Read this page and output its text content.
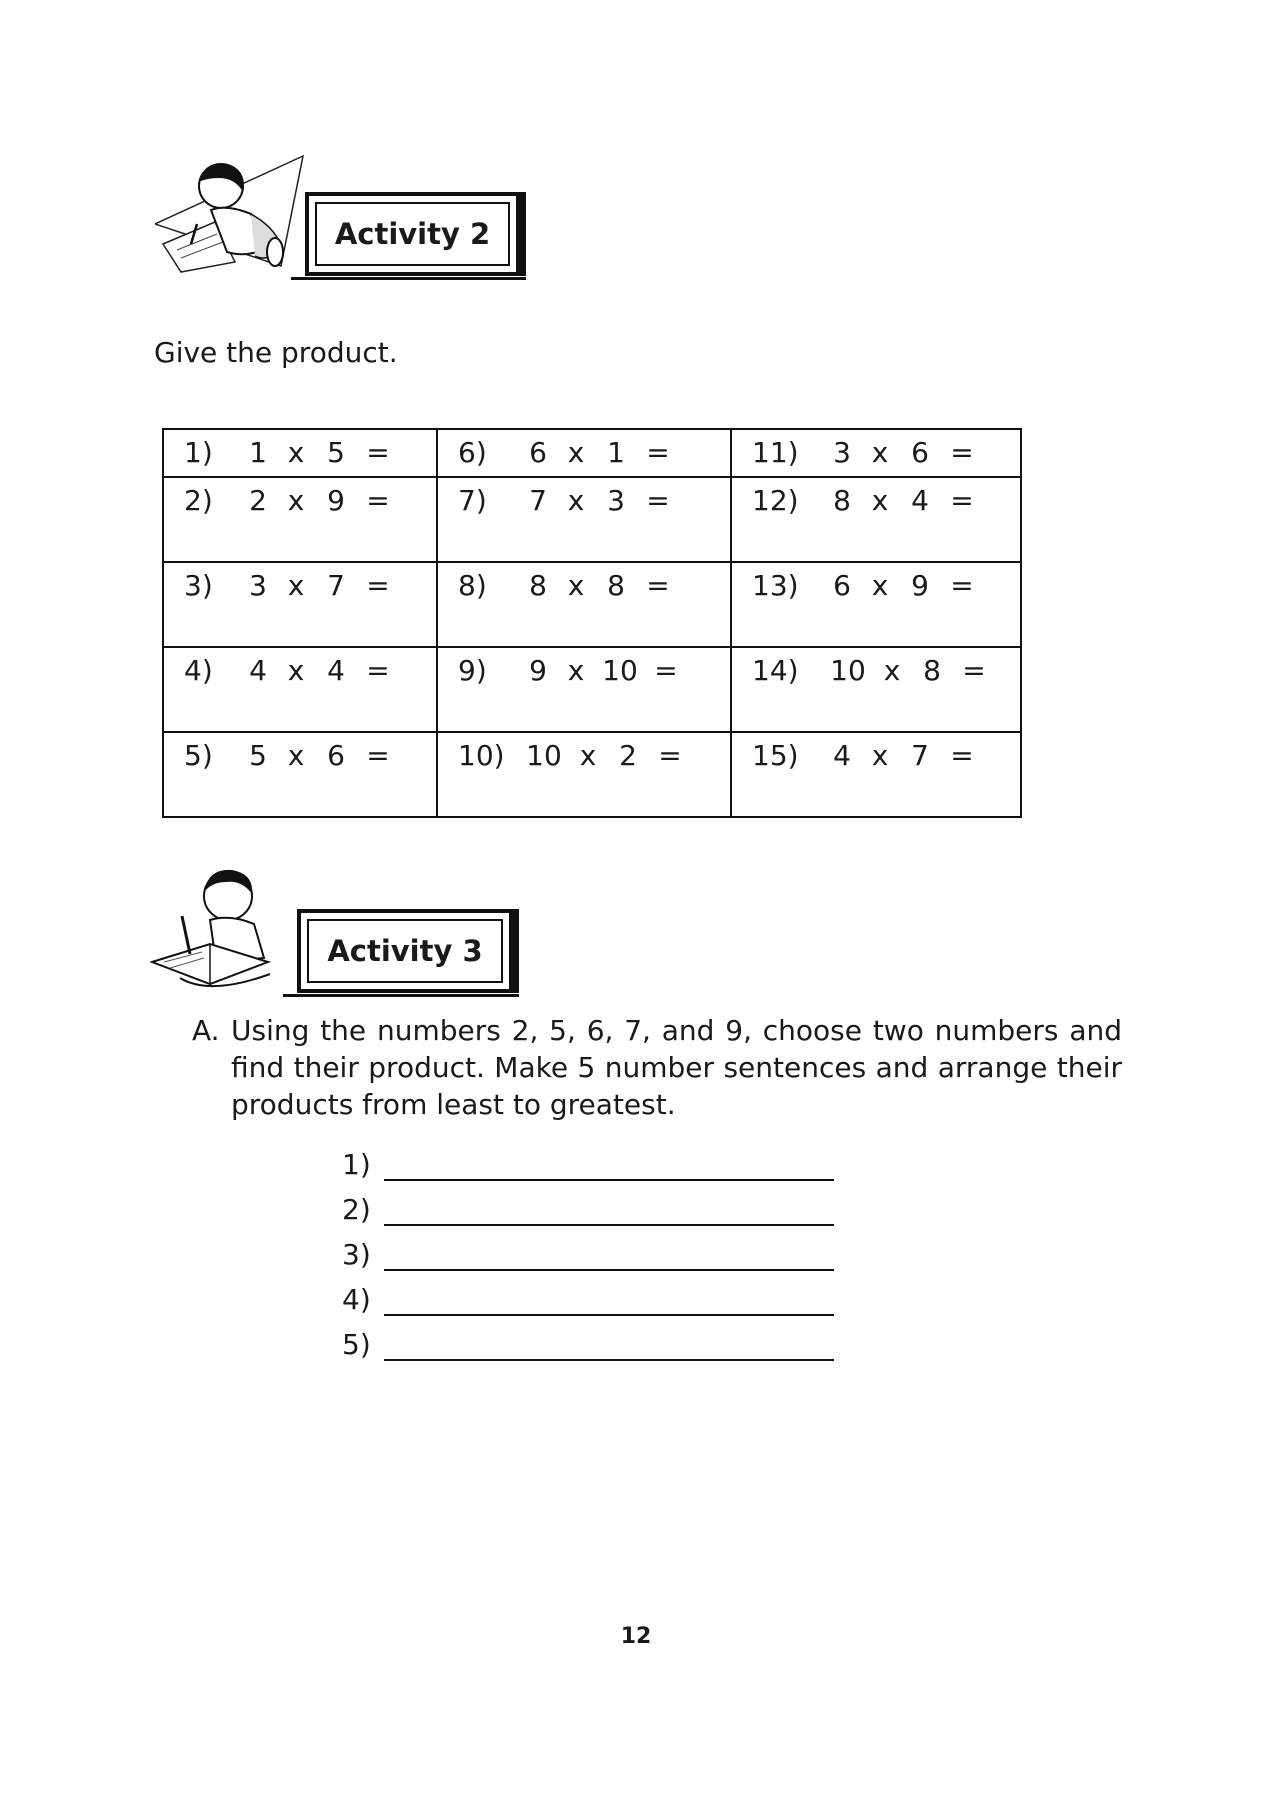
Activity 2
Give the product.
1) 1 x 5 =	6) 6 x 1 =	11) 3 x 6 =

2) 2 x 9 =	7) 7 x 3 =	12) 8 x 4 =

3) 3 x 7 =	8) 8 x 8 =	13) 6 x 9 =

4) 4 x 4 =	9) 9 x 10 =	14) 10 x 8 =

5) 5 x 6 =	10) 10 x 2 =	15) 4 x 7 =
Activity 3
A. Using the numbers 2, 5, 6, 7, and 9, choose two numbers and find their product. Make 5 number sentences and arrange their products from least to greatest.
1)
2)
3)
4)
5)
12
